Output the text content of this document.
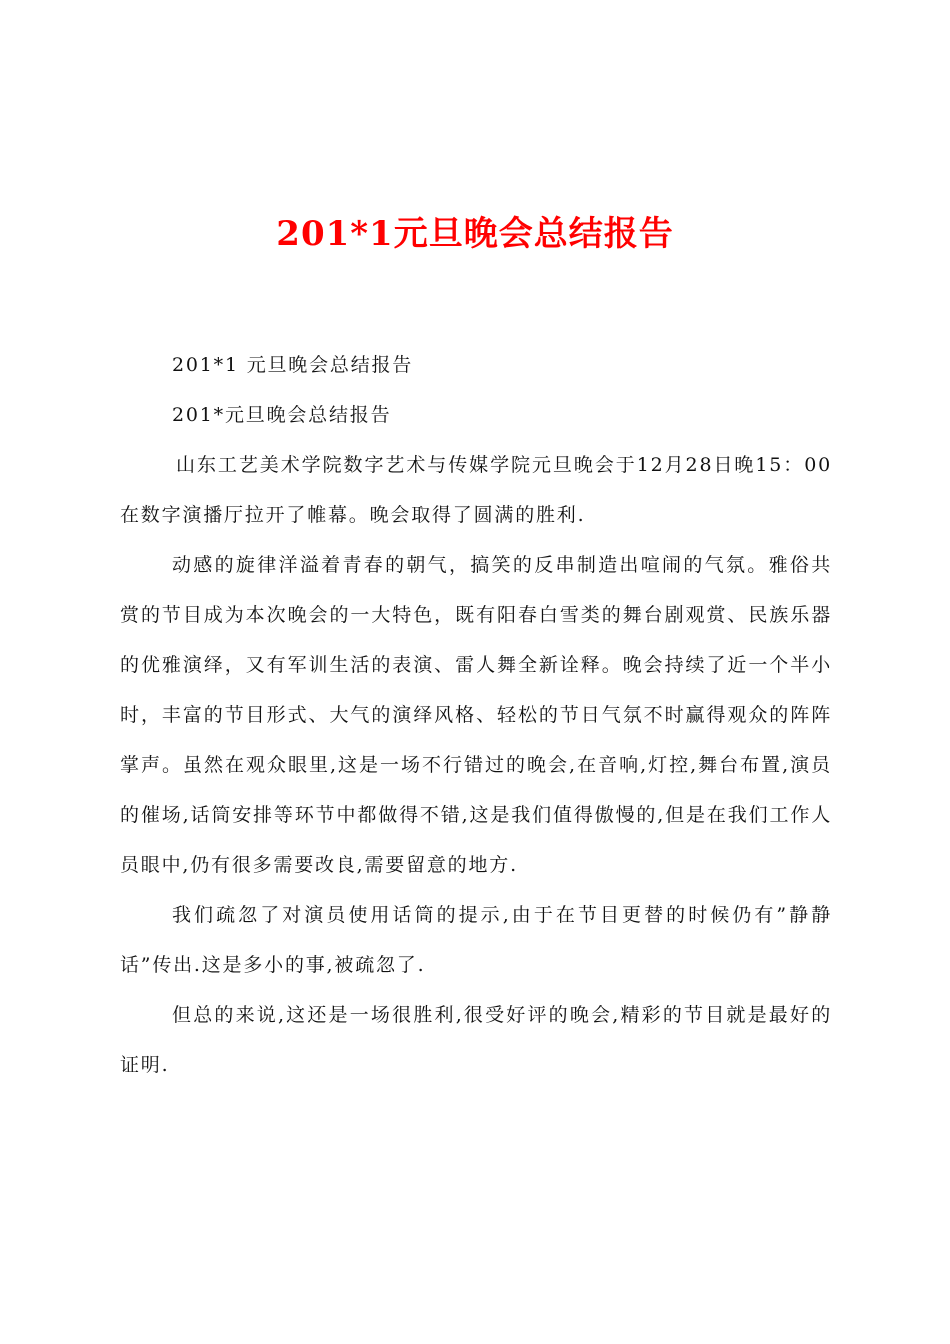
201*1元旦晚会总结报告

201*1 元旦晚会总结报告

201*元旦晚会总结报告

山东工艺美术学院数字艺术与传媒学院元旦晚会于12月28日晚15：00在数字演播厅拉开了帷幕。晚会取得了圆满的胜利.

动感的旋律洋溢着青春的朝气，搞笑的反串制造出喧闹的气氛。雅俗共赏的节目成为本次晚会的一大特色，既有阳春白雪类的舞台剧观赏、民族乐器的优雅演绎，又有军训生活的表演、雷人舞全新诠释。晚会持续了近一个半小时，丰富的节目形式、大气的演绎风格、轻松的节日气氛不时赢得观众的阵阵掌声。虽然在观众眼里,这是一场不行错过的晚会,在音响,灯控,舞台布置,演员的催场,话筒安排等环节中都做得不错,这是我们值得傲慢的,但是在我们工作人员眼中,仍有很多需要改良,需要留意的地方.

我们疏忽了对演员使用话筒的提示,由于在节目更替的时候仍有”静静话”传出.这是多小的事,被疏忽了.

但总的来说,这还是一场很胜利,很受好评的晚会,精彩的节目就是最好的证明.
